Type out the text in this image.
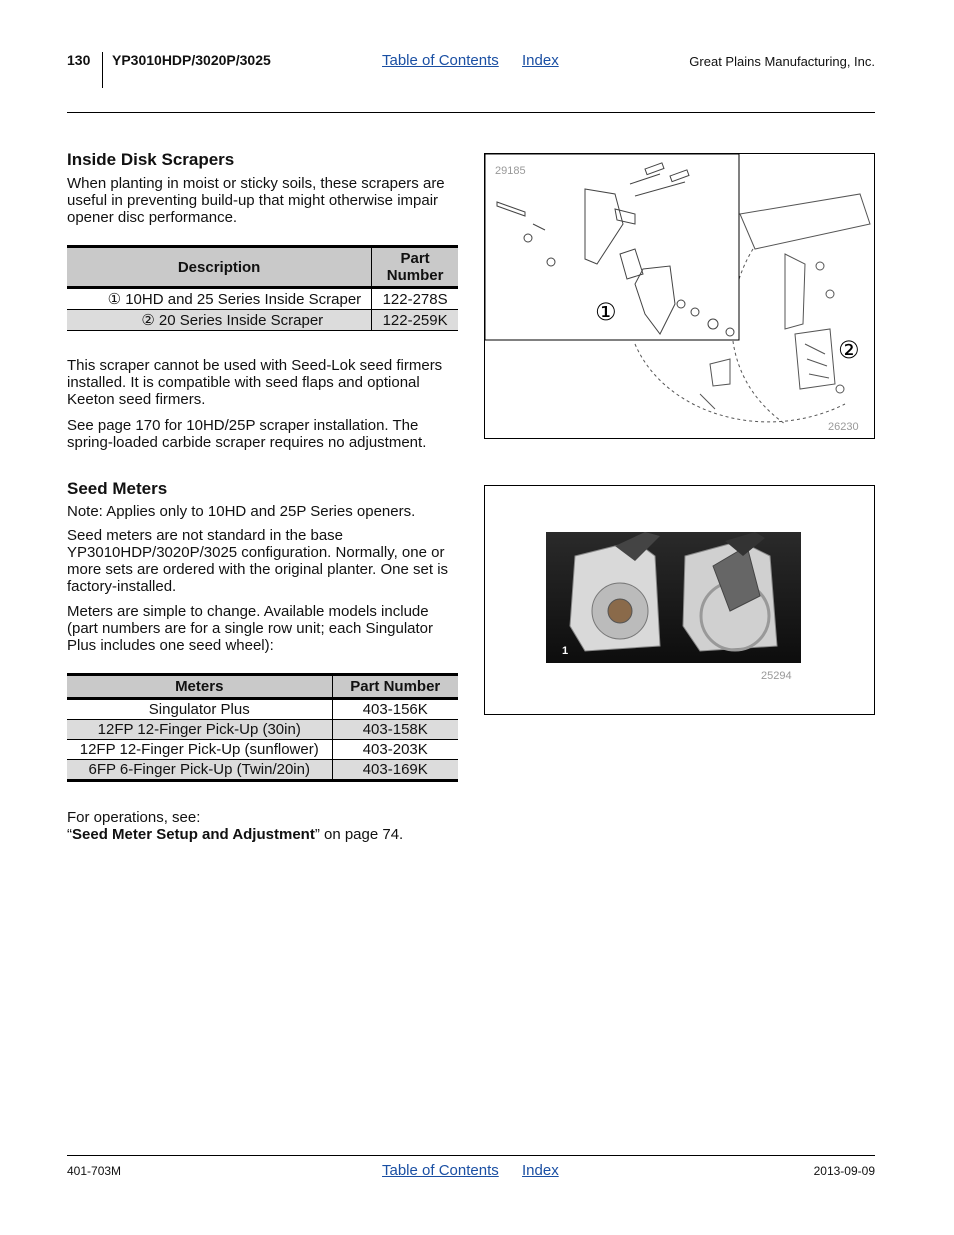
130 YP3010HDP/3020P/3025	Table of Contents Index	Great Plains Manufacturing, Inc.
Inside Disk Scrapers

When planting in moist or sticky soils, these scrapers are useful in preventing build-up that might otherwise impair opener disc performance.

Description	Part Number
① 10HD and 25 Series Inside Scraper	122-278S
② 20 Series Inside Scraper	122-259K

This scraper cannot be used with Seed-Lok seed firmers installed. It is compatible with seed flaps and optional Keeton seed firmers.

See page 170 for 10HD/25P scraper installation. The spring-loaded carbide scraper requires no adjustment.

29185
26230
①
②
Seed Meters

Note: Applies only to 10HD and 25P Series openers.

Seed meters are not standard in the base YP3010HDP/3020P/3025 configuration. Normally, one or more sets are ordered with the original planter. One set is factory-installed.

Meters are simple to change. Available models include (part numbers are for a single row unit; each Singulator Plus includes one seed wheel):

Meters	Part Number
Singulator Plus	403-156K
12FP 12-Finger Pick-Up (30in)	403-158K
12FP 12-Finger Pick-Up (sunflower)	403-203K
6FP 6-Finger Pick-Up (Twin/20in)	403-169K

For operations, see:

“Seed Meter Setup and Adjustment” on page 74.

1
25294
401-703M	Table of Contents Index	2013-09-09
